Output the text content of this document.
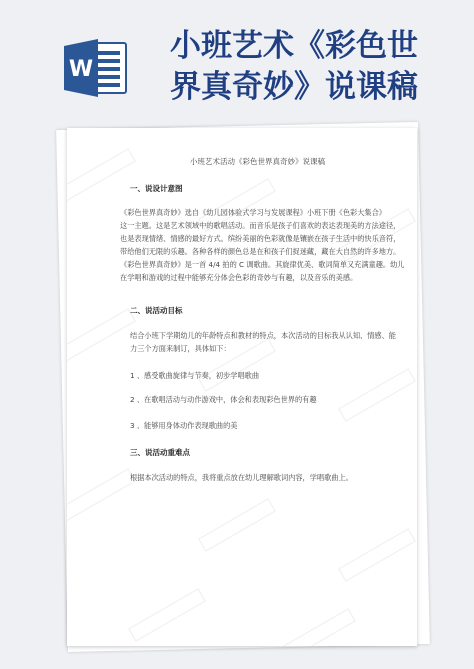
W
小班艺术《彩色世
界真奇妙》说课稿
小班艺术活动《彩色世界真奇妙》说课稿
一、说设计意图
《彩色世界真奇妙》选自《幼儿园体验式学习与发展课程》小班下册《色彩大集合》
这一主题。这是艺术领域中的歌唱活动。而音乐是孩子们喜欢的表达表现美的方法途径，
也是表现情绪、情感的最好方式。缤纷美丽的色彩就像是镶嵌在孩子生活中的快乐音符，
带给他们无限的乐趣。各种各样的颜色总是在和孩子们捉迷藏，藏在大自然的许多地方。
《彩色世界真奇妙》是一首 4/4 拍的 C 调歌曲。其旋律优美、歌词简单又充满童趣。幼儿
在学唱和游戏的过程中能够充分体会色彩的奇妙与有趣，以及音乐的美感。
二、说活动目标
结合小班下学期幼儿的年龄特点和教材的特点，本次活动的目标我从认知、情感、能
力三个方面来制订，具体如下：
1 、感受歌曲旋律与节奏，初步学唱歌曲
2 、在歌唱活动与动作游戏中，体会和表现彩色世界的有趣
3 、能够用身体动作表现歌曲的美
三、说活动重难点
根据本次活动的特点，我将重点放在幼儿理解歌词内容，学唱歌曲上。
